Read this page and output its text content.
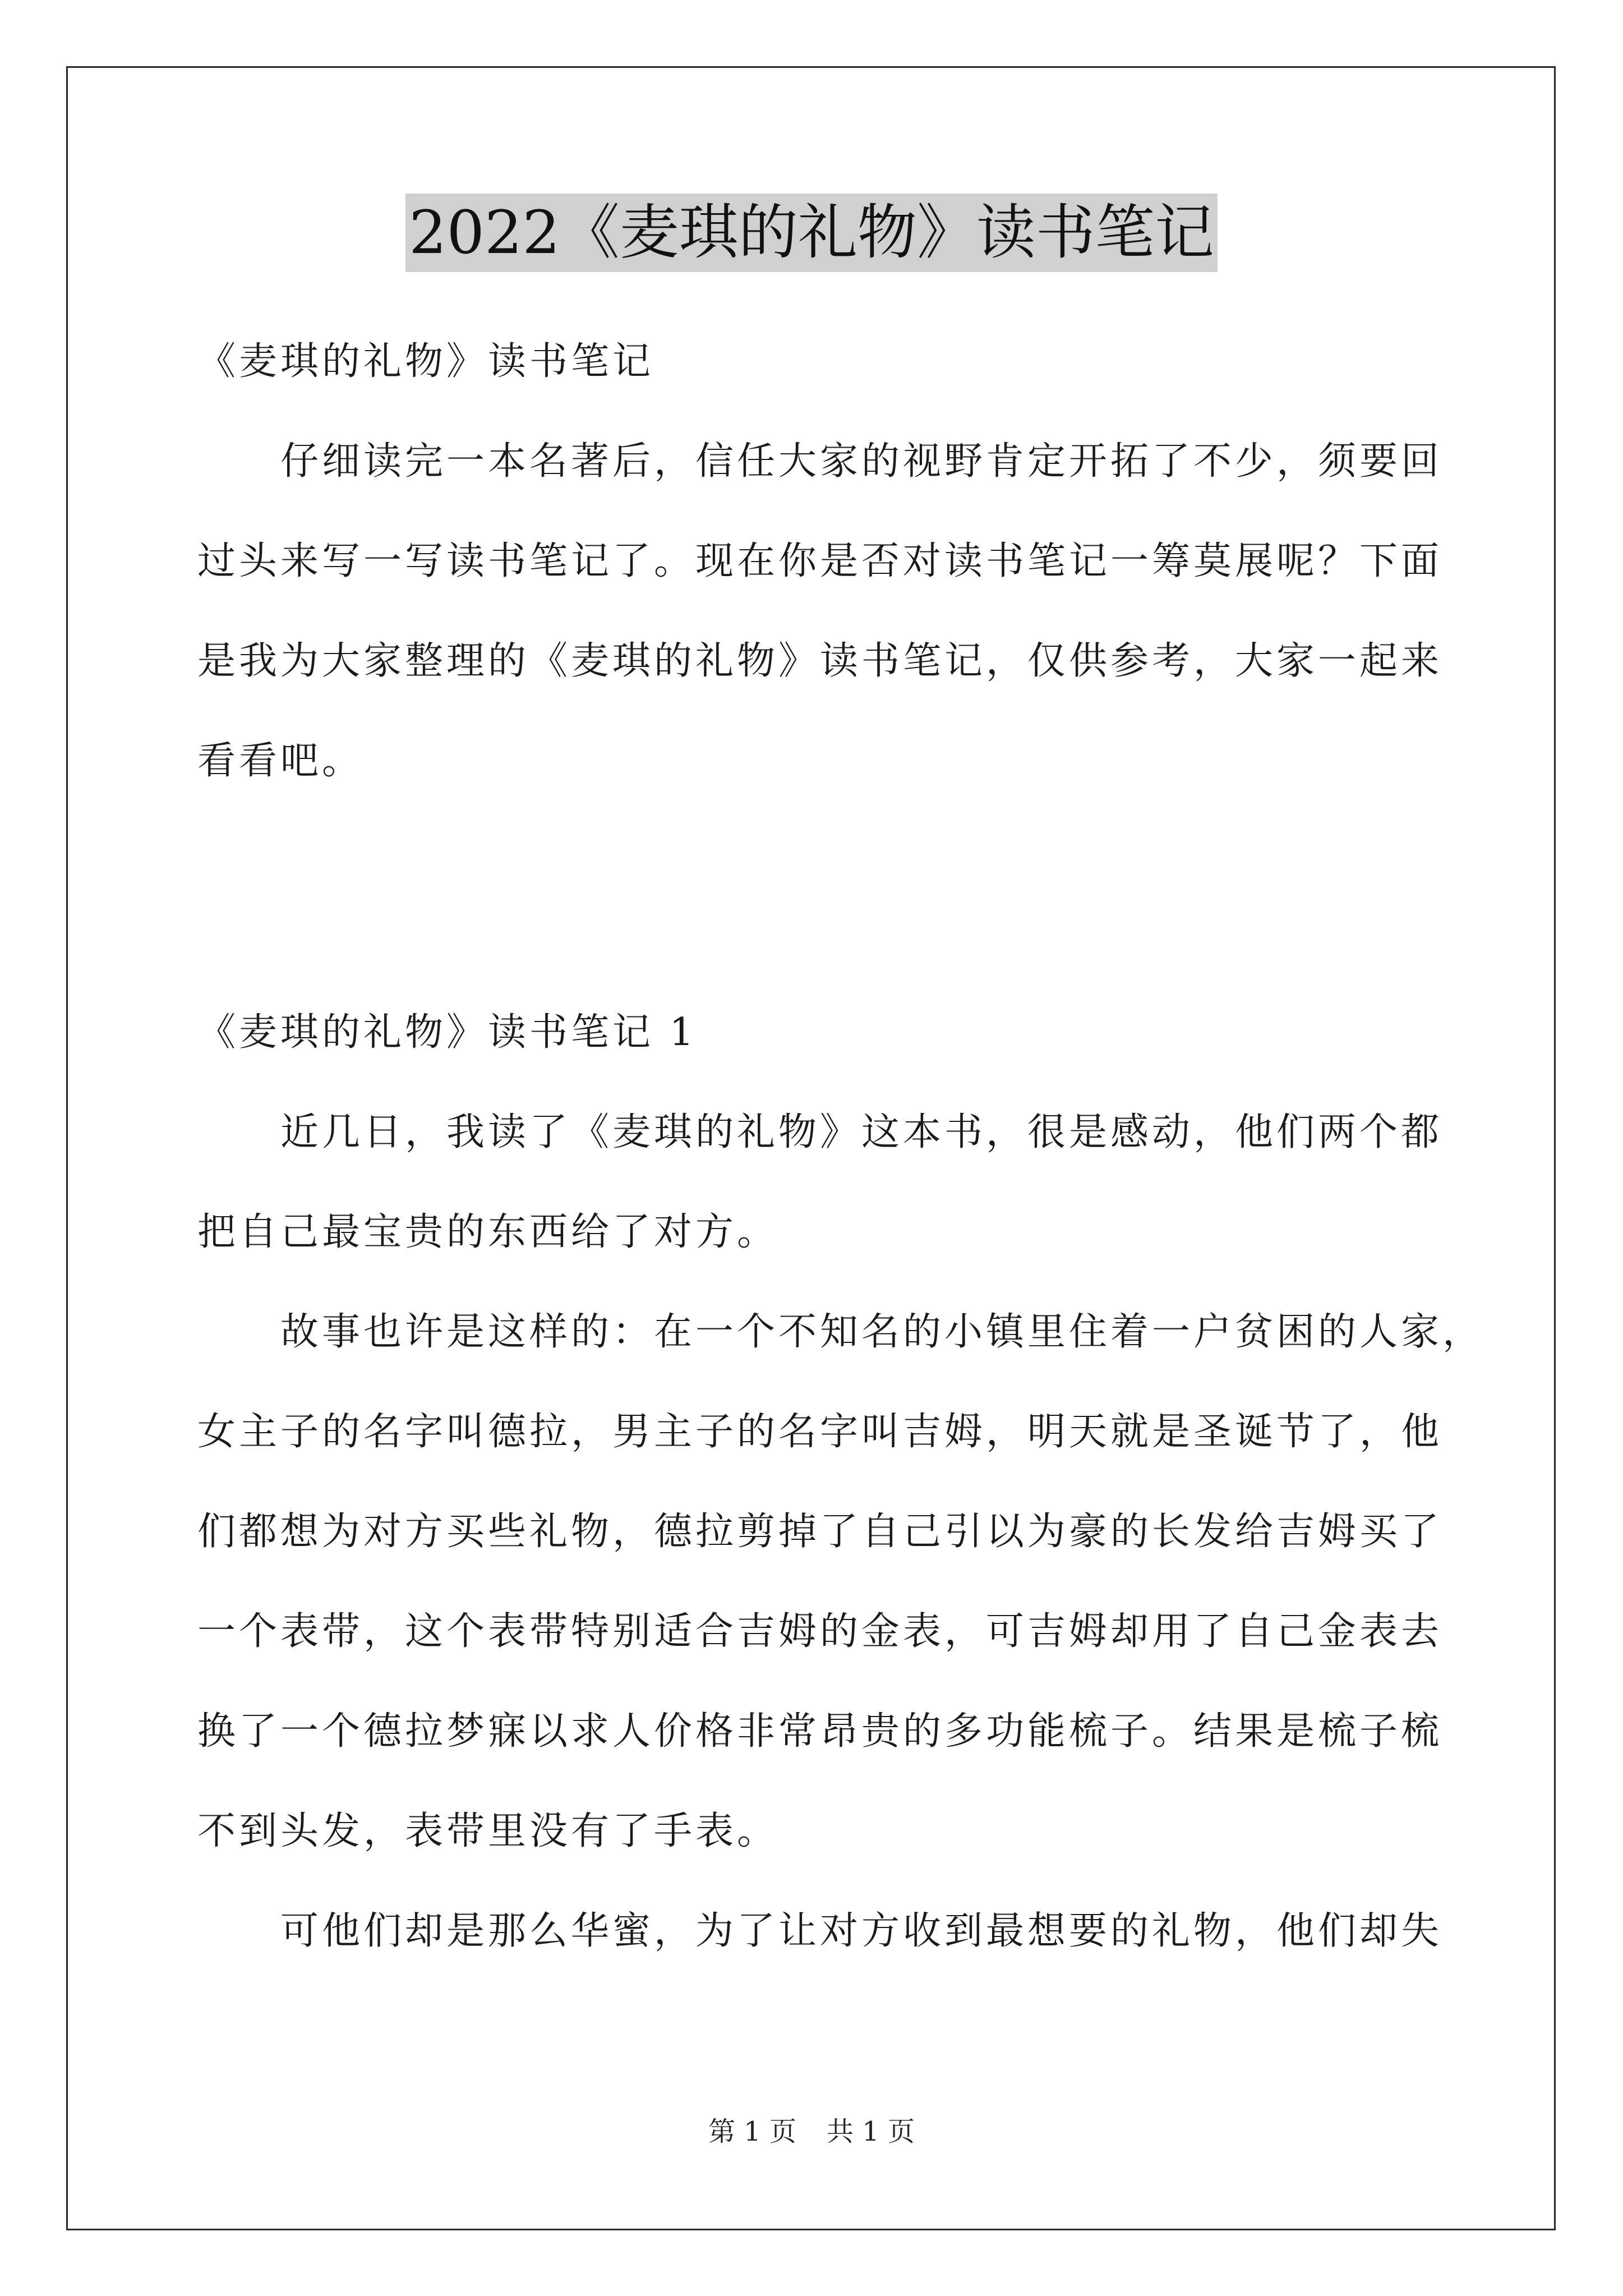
2022《麦琪的礼物》读书笔记
《麦琪的礼物》读书笔记
　　仔细读完一本名著后，信任大家的视野肯定开拓了不少，须要回
过头来写一写读书笔记了。现在你是否对读书笔记一筹莫展呢？下面
是我为大家整理的《麦琪的礼物》读书笔记，仅供参考，大家一起来
看看吧。
《麦琪的礼物》读书笔记 1
　　近几日，我读了《麦琪的礼物》这本书，很是感动，他们两个都
把自己最宝贵的东西给了对方。
　　故事也许是这样的：在一个不知名的小镇里住着一户贫困的人家，
女主子的名字叫德拉，男主子的名字叫吉姆，明天就是圣诞节了，他
们都想为对方买些礼物，德拉剪掉了自己引以为豪的长发给吉姆买了
一个表带，这个表带特别适合吉姆的金表，可吉姆却用了自己金表去
换了一个德拉梦寐以求人价格非常昂贵的多功能梳子。结果是梳子梳
不到头发，表带里没有了手表。
　　可他们却是那么华蜜，为了让对方收到最想要的礼物，他们却失
第 1 页 共 1 页
